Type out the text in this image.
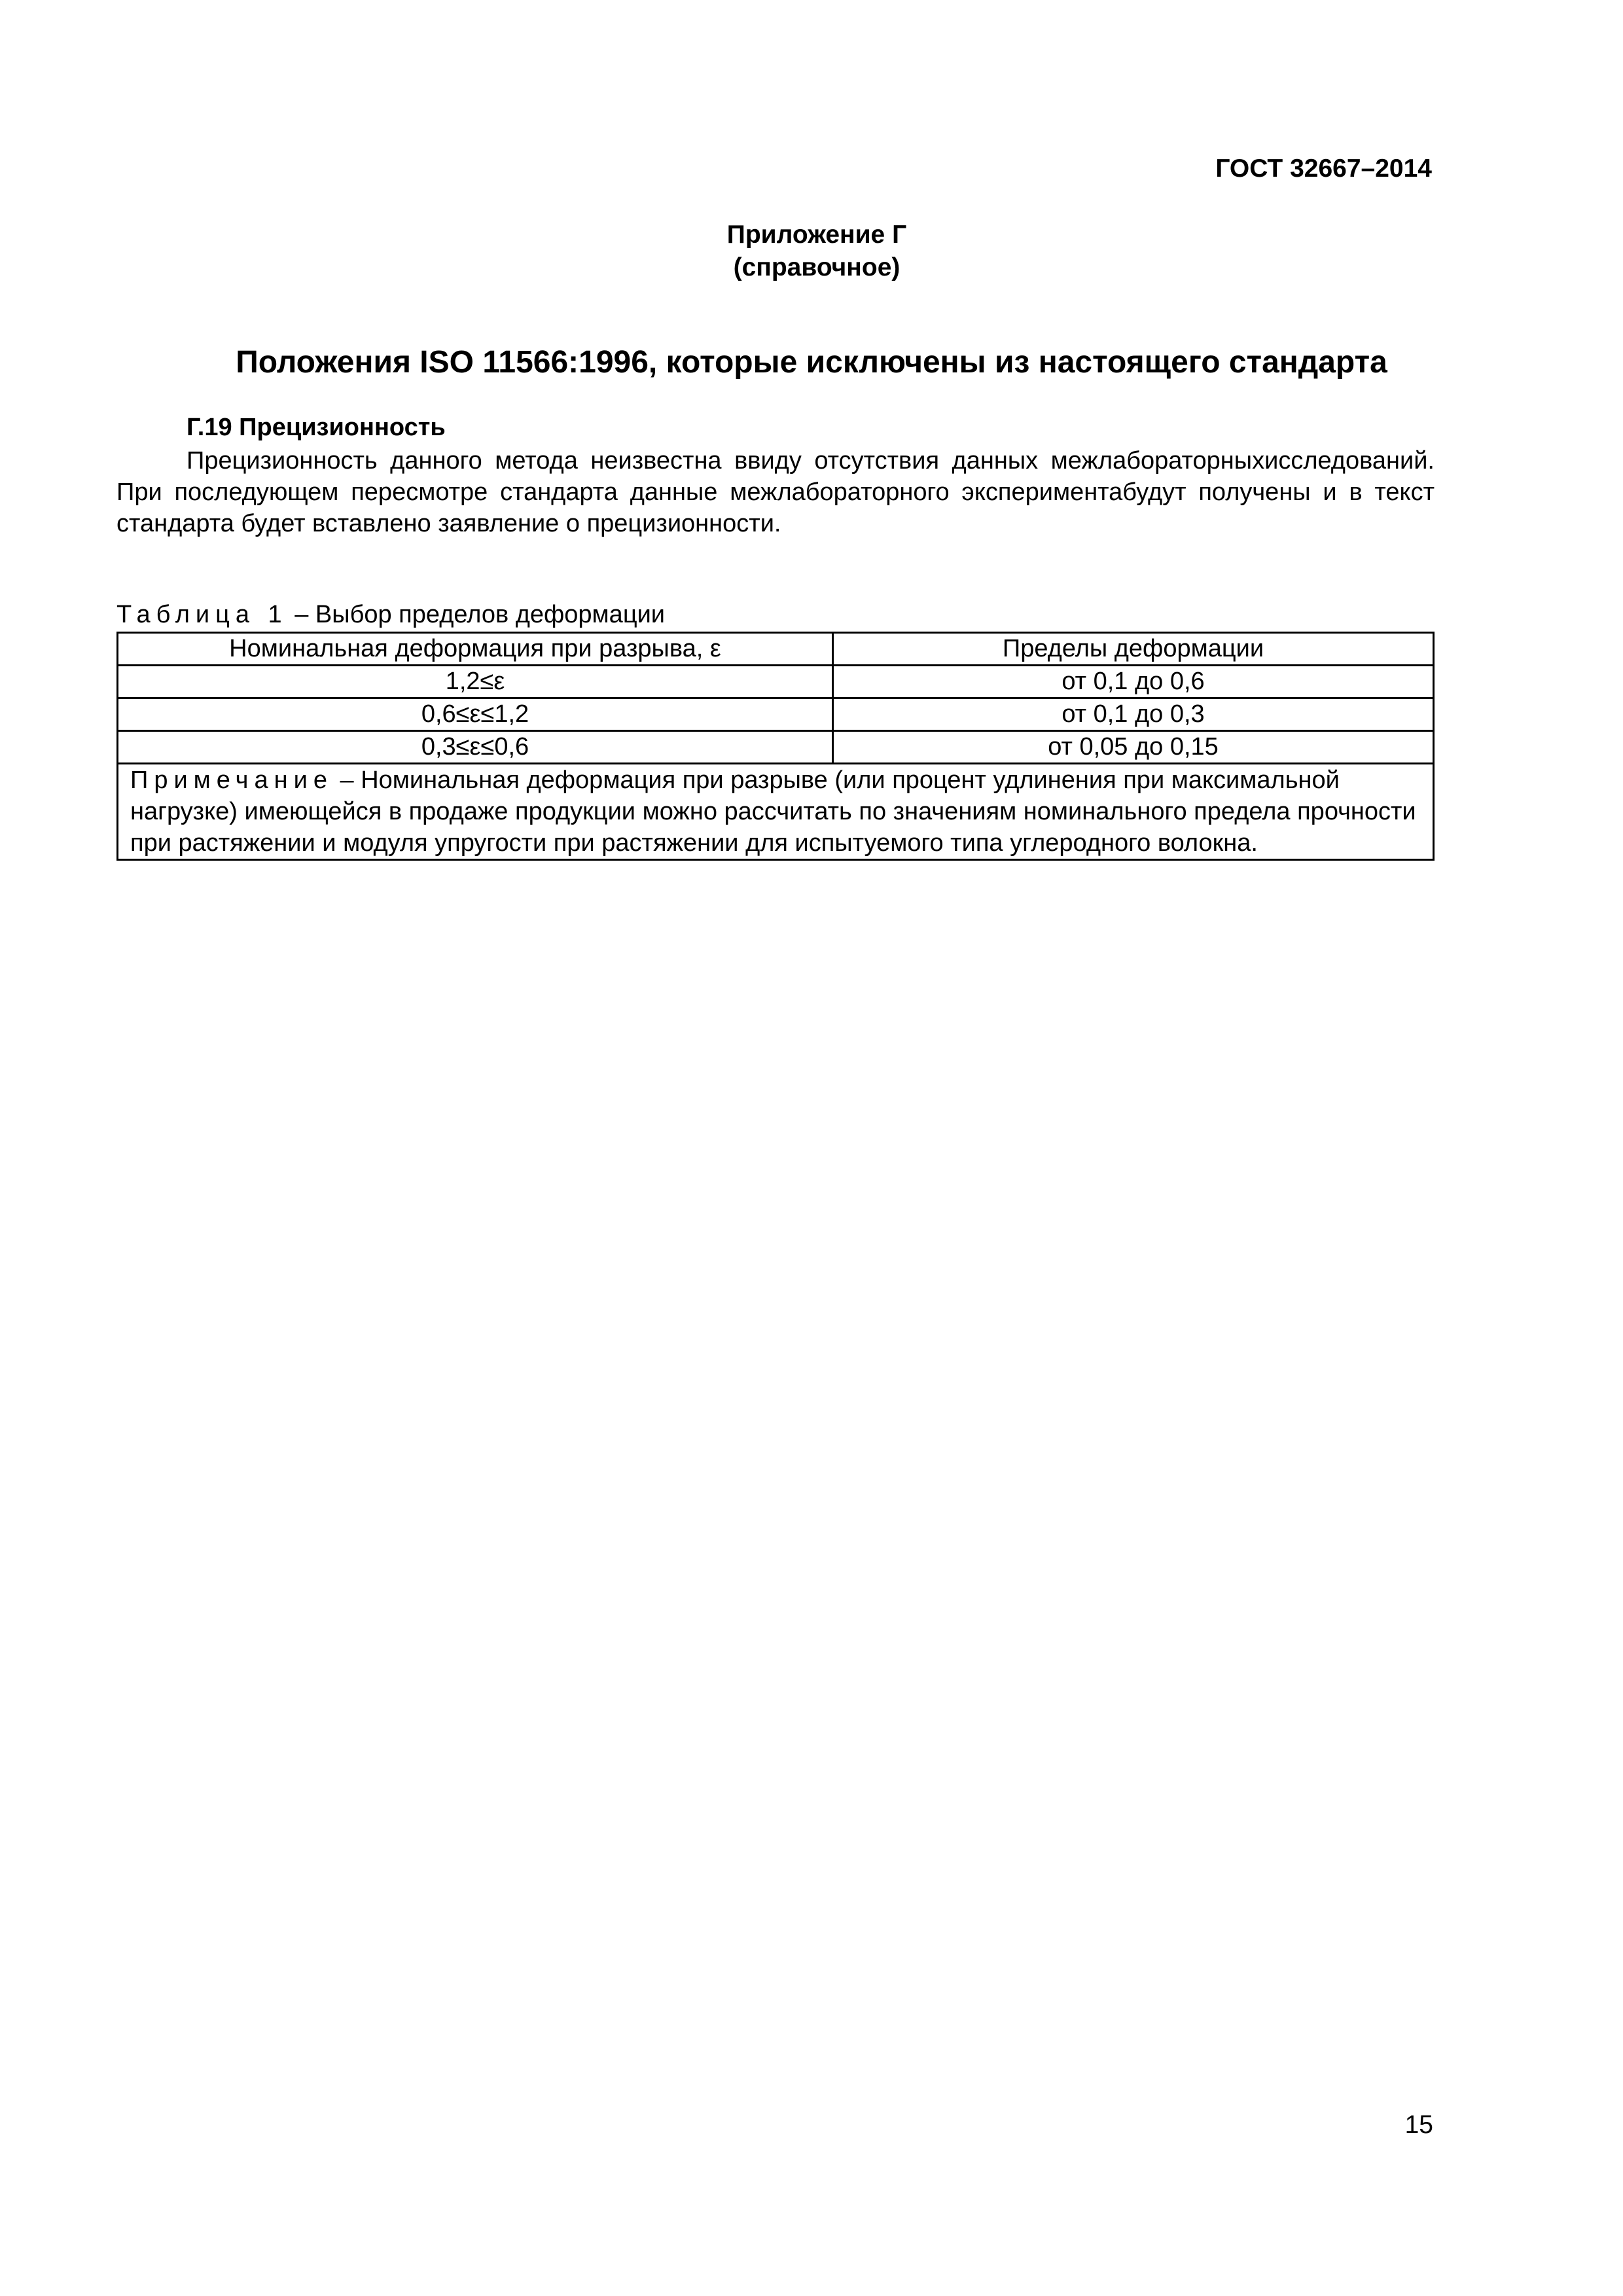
ГОСТ 32667–2014
Приложение Г
(справочное)
Положения ISO 11566:1996, которые исключены из настоящего стандарта
Г.19 Прецизионность

Прецизионность данного метода неизвестна ввиду отсутствия данных межлабораторныхисследований. При последующем пересмотре стандарта данные межлабораторного экспериментабудут получены и в текст стандарта будет вставлено заявление о прецизионности.

Таблица 1 – Выбор пределов деформации
Номинальная деформация при разрыва, ε	Пределы деформации
1,2≤ε	от 0,1 до 0,6
0,6≤ε≤1,2	от 0,1 до 0,3
0,3≤ε≤0,6	от 0,05 до 0,15
Примечание – Номинальная деформация при разрыве (или процент удлинения при максимальной нагрузке) имеющейся в продаже продукции можно рассчитать по значениям номинального предела прочности при растяжении и модуля упругости при растяжении для испытуемого типа углеродного волокна.	
15
